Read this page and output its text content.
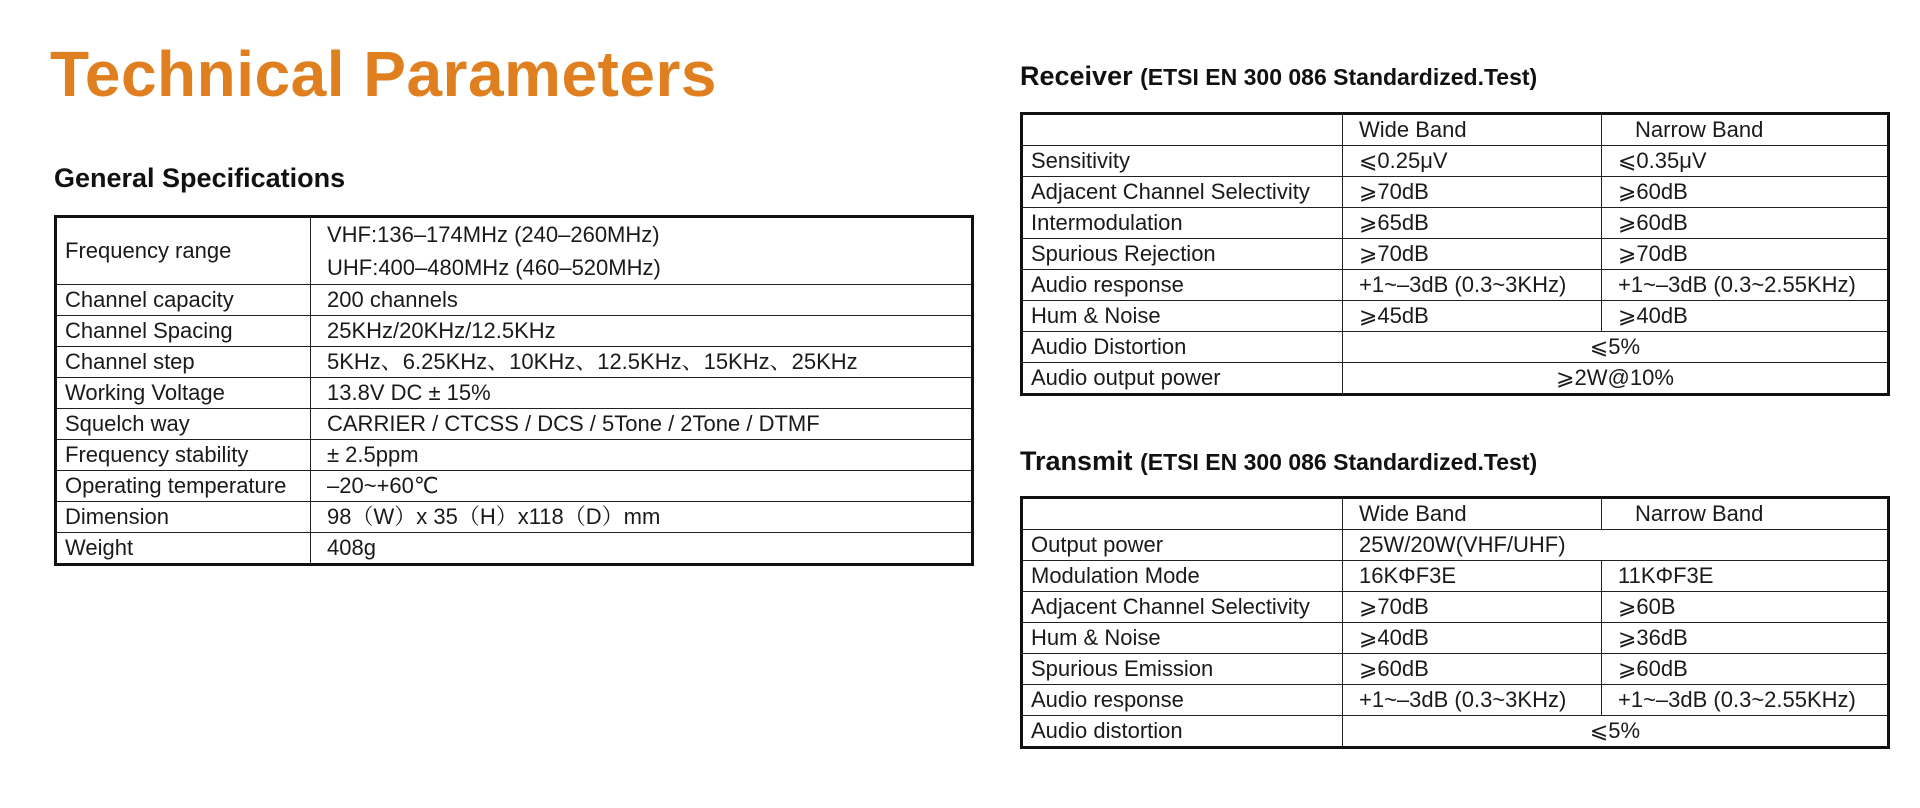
Technical Parameters
General Specifications
Frequency range	VHF:136–174MHz (240–260MHz)
UHF:400–480MHz (460–520MHz)

Channel capacity	200 channels
Channel Spacing	25KHz/20KHz/12.5KHz
Channel step	5KHz、6.25KHz、10KHz、12.5KHz、15KHz、25KHz
Working Voltage	13.8V DC ± 15%
Squelch way	CARRIER / CTCSS / DCS / 5Tone / 2Tone / DTMF
Frequency stability	± 2.5ppm
Operating temperature	–20~+60℃
Dimension	98（W）x 35（H）x118（D）mm
Weight	408g
Receiver (ETSI EN 300 086 Standardized.Test)
	Wide Band	Narrow Band
Sensitivity	⩽0.25μV	⩽0.35μV
Adjacent Channel Selectivity	⩾70dB	⩾60dB
Intermodulation	⩾65dB	⩾60dB
Spurious Rejection	⩾70dB	⩾70dB
Audio response	+1~–3dB (0.3~3KHz)	+1~–3dB (0.3~2.55KHz)
Hum & Noise	⩾45dB	⩾40dB
Audio Distortion	⩽5%	
Audio output power	⩾2W@10%	
Transmit (ETSI EN 300 086 Standardized.Test)
	Wide Band	Narrow Band
Output power	25W/20W(VHF/UHF)	
Modulation Mode	16KΦF3E	11KΦF3E
Adjacent Channel Selectivity	⩾70dB	⩾60B
Hum & Noise	⩾40dB	⩾36dB
Spurious Emission	⩾60dB	⩾60dB
Audio response	+1~–3dB (0.3~3KHz)	+1~–3dB (0.3~2.55KHz)
Audio distortion	⩽5%	
